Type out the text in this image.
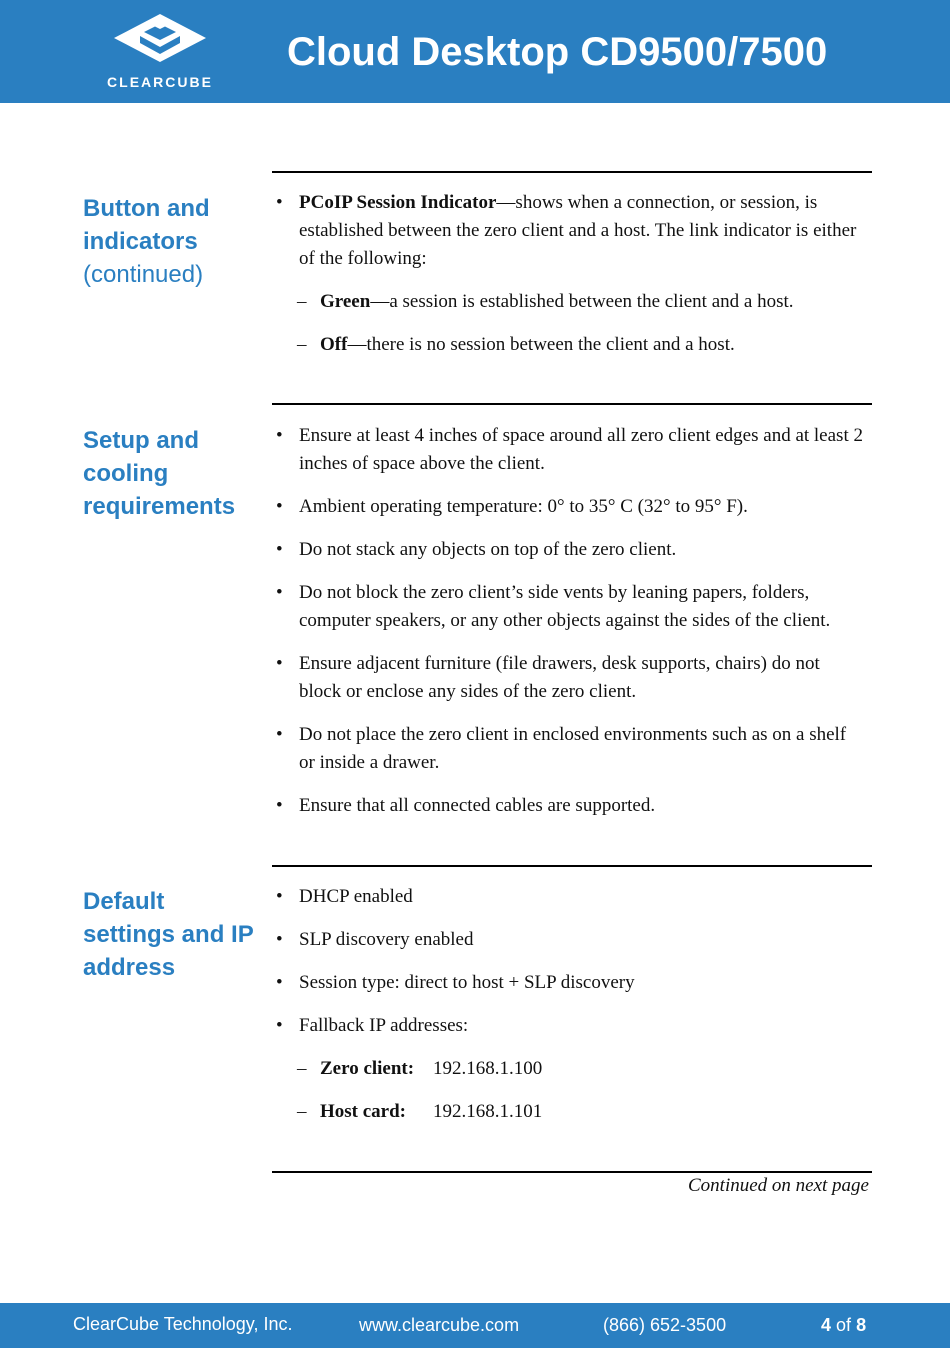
CLEARCUBE
Cloud Desktop CD9500/7500
Button and
indicators
(continued)
• PCoIP Session Indicator—shows when a connection, or session, is established between the zero client and a host. The link indicator is either of the following:
– Green—a session is established between the client and a host.
– Off—there is no session between the client and a host.
Setup and
cooling
requirements
• Ensure at least 4 inches of space around all zero client edges and at least 2 inches of space above the client.
• Ambient operating temperature: 0° to 35° C (32° to 95° F).
• Do not stack any objects on top of the zero client.
• Do not block the zero client’s side vents by leaning papers, folders, computer speakers, or any other objects against the sides of the client.
• Ensure adjacent furniture (file drawers, desk supports, chairs) do not block or enclose any sides of the zero client.
• Do not place the zero client in enclosed environments such as on a shelf or inside a drawer.
• Ensure that all connected cables are supported.
Default
settings and IP
address
• DHCP enabled
• SLP discovery enabled
• Session type: direct to host + SLP discovery
• Fallback IP addresses:
– Zero client: 192.168.1.100
– Host card: 192.168.1.101
Continued on next page
ClearCube Technology, Inc.	www.clearcube.com	(866) 652-3500	4 of 8
